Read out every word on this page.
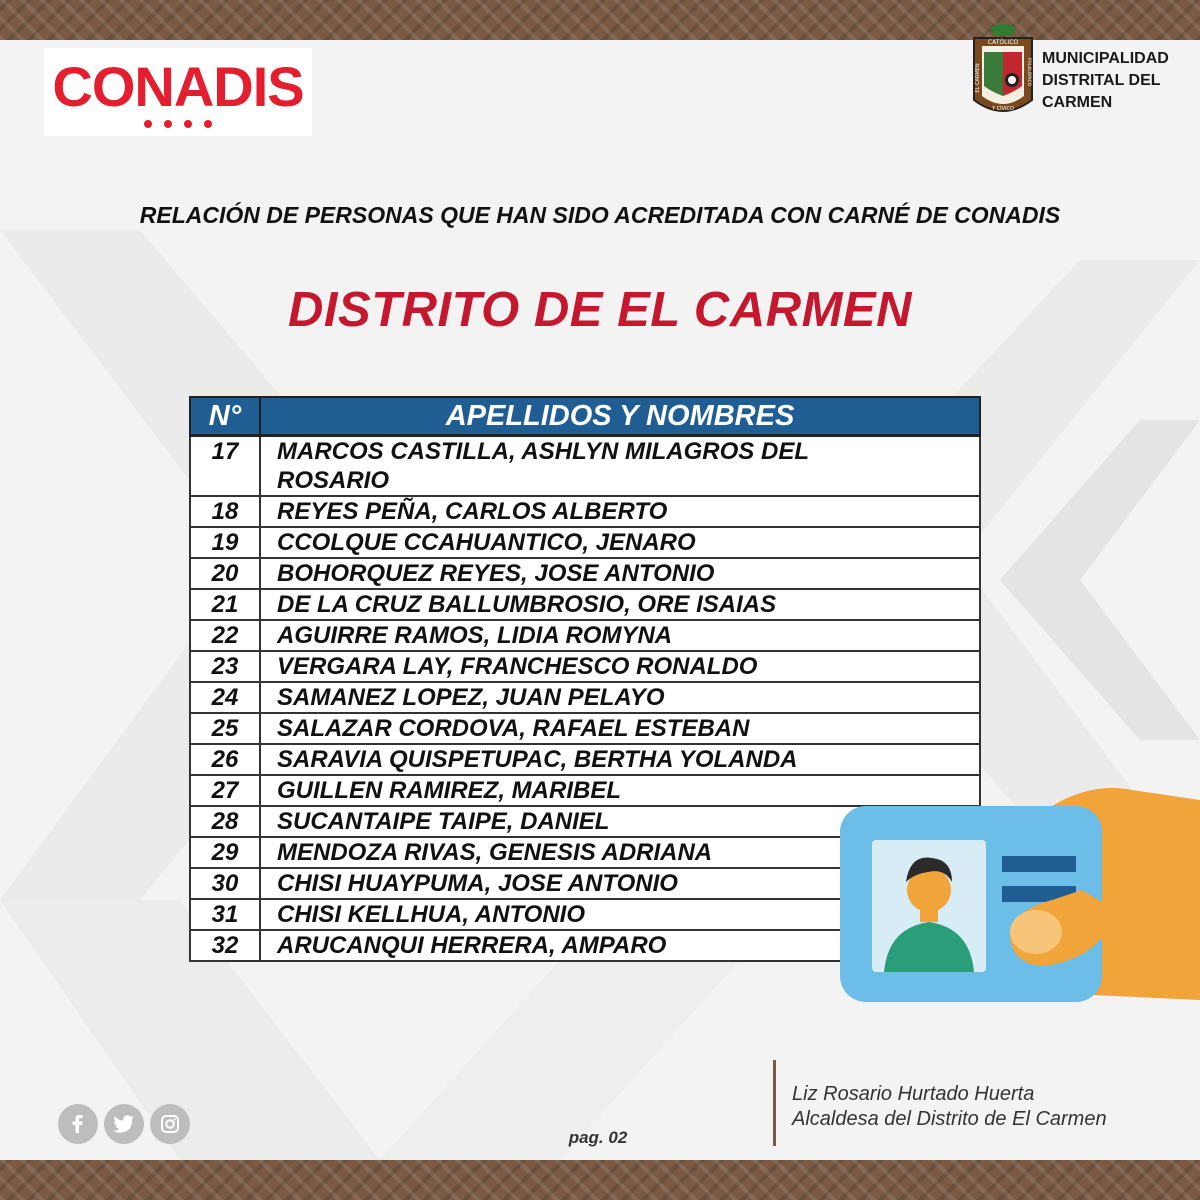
CONADIS
CATÓLICO
Y CÍVICO
EL CARMEN	FOLKLÓRICO MUNICIPALIDAD
DISTRITAL DEL
CARMEN
RELACIÓN DE PERSONAS QUE HAN SIDO ACREDITADA CON CARNÉ DE CONADIS
DISTRITO DE EL CARMEN
N°	APELLIDOS Y NOMBRES
17	MARCOS CASTILLA, ASHLYN MILAGROS DEL ROSARIO
18	REYES PEÑA, CARLOS ALBERTO
19	CCOLQUE CCAHUANTICO, JENARO
20	BOHORQUEZ REYES, JOSE ANTONIO
21	DE LA CRUZ BALLUMBROSIO, ORE ISAIAS
22	AGUIRRE RAMOS, LIDIA ROMYNA
23	VERGARA LAY, FRANCHESCO RONALDO
24	SAMANEZ LOPEZ, JUAN PELAYO
25	SALAZAR CORDOVA, RAFAEL ESTEBAN
26	SARAVIA QUISPETUPAC, BERTHA YOLANDA
27	GUILLEN RAMIREZ, MARIBEL
28	SUCANTAIPE TAIPE, DANIEL
29	MENDOZA RIVAS, GENESIS ADRIANA
30	CHISI HUAYPUMA, JOSE ANTONIO
31	CHISI KELLHUA, ANTONIO
32	ARUCANQUI HERRERA, AMPARO
pag. 02
Liz Rosario Hurtado Huerta
Alcaldesa del Distrito de El Carmen
